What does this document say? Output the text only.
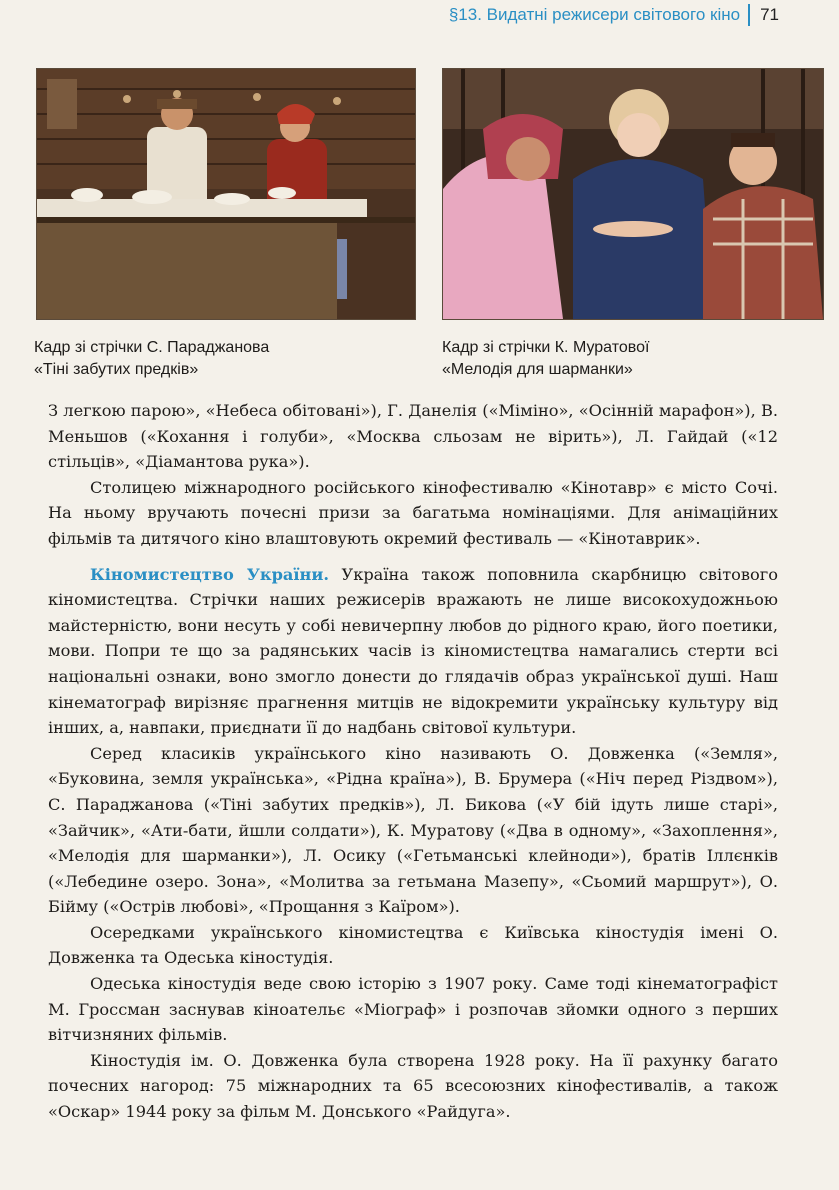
§13. Видатні режисери світового кіно 71
Кадр зі стрічки С. Параджанова
«Тіні забутих предків»
Кадр зі стрічки К. Муратової
«Мелодія для шарманки»

З легкою парою», «Небеса обітовані»), Г. Данелія («Міміно», «Осінній марафон»), В. Меньшов («Кохання і голуби», «Москва сльозам не вірить»), Л. Гайдай («12 стільців», «Діамантова рука»).

Столицею міжнародного російського кінофестивалю «Кінотавр» є місто Сочі. На ньому вручають почесні призи за багатьма номінаціями. Для анімаційних фільмів та дитячого кіно влаштовують окремий фестиваль — «Кінотаврик».

Кіномистецтво України. Україна також поповнила скарбницю світового кіномистецтва. Стрічки наших режисерів вражають не лише високохудожньою майстерністю, вони несуть у собі невичерпну любов до рідного краю, його поетики, мови. Попри те що за радянських часів із кіномистецтва намагались стерти всі національні ознаки, воно змогло донести до глядачів образ української душі. Наш кінематограф вирізняє прагнення митців не відокремити українську культуру від інших, а, навпаки, приєднати її до надбань світової культури.

Серед класиків українського кіно називають О. Довженка («Земля», «Буковина, земля українська», «Рідна країна»), В. Брумера («Ніч перед Різдвом»), С. Параджанова («Тіні забутих предків»), Л. Бикова («У бій ідуть лише старі», «Зайчик», «Ати-бати, йшли солдати»), К. Муратову («Два в одному», «Захоплення», «Мелодія для шарманки»), Л. Осику («Гетьманські клейноди»), братів Іллєнків («Лебедине озеро. Зона», «Молитва за гетьмана Мазепу», «Сьомий маршрут»), О. Бійму («Острів любові», «Прощання з Каїром»).

Осередками українського кіномистецтва є Київська кіностудія імені О. Довженка та Одеська кіностудія.

Одеська кіностудія веде свою історію з 1907 року. Саме тоді кінематографіст М. Гроссман заснував кіноательє «Міограф» і розпочав зйомки одного з перших вітчизняних фільмів.

Кіностудія ім. О. Довженка була створена 1928 року. На її рахунку багато почесних нагород: 75 міжнародних та 65 всесоюзних кінофестивалів, а також «Оскар» 1944 року за фільм М. Донського «Райдуга».
